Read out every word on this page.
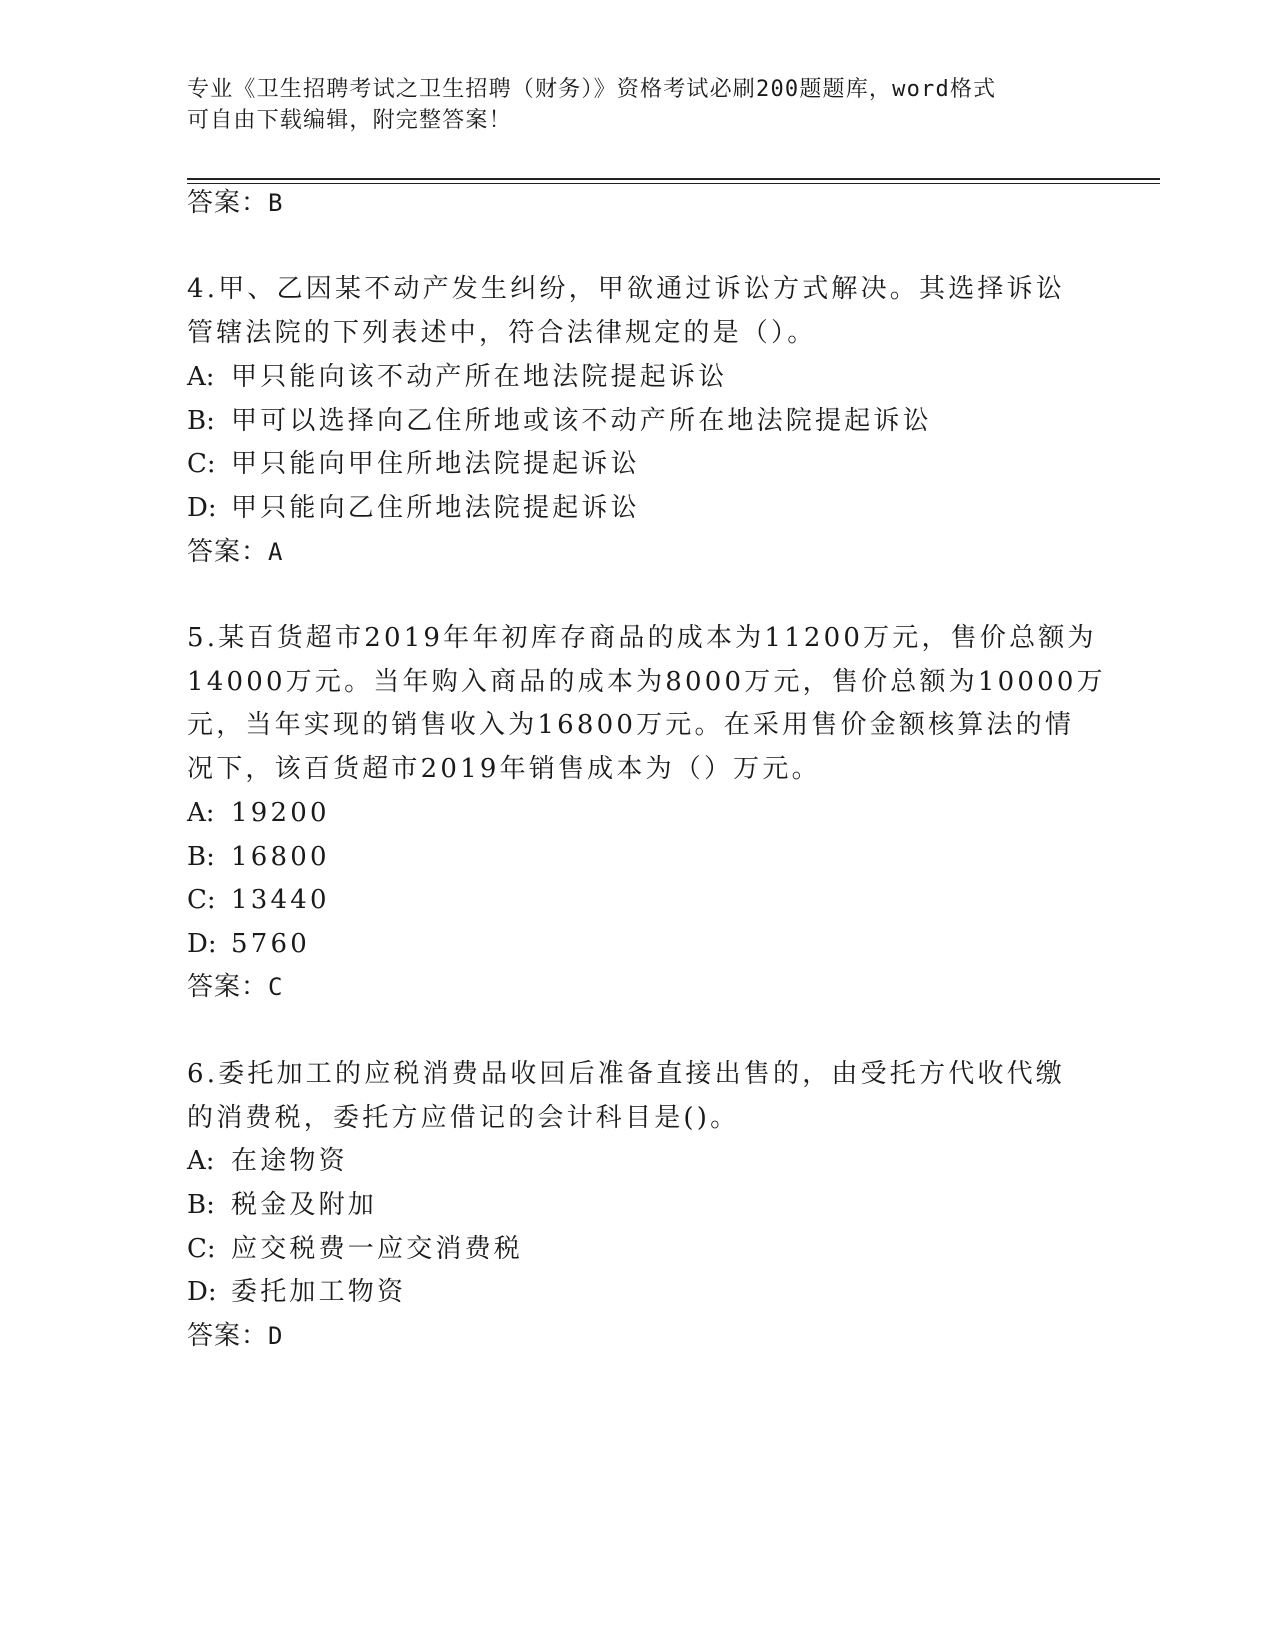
专业《卫生招聘考试之卫生招聘（财务）》资格考试必刷200题题库，word格式
可自由下载编辑，附完整答案！
答案：B
4.甲、乙因某不动产发生纠纷，甲欲通过诉讼方式解决。其选择诉讼
管辖法院的下列表述中，符合法律规定的是（）。
A: 甲只能向该不动产所在地法院提起诉讼
B: 甲可以选择向乙住所地或该不动产所在地法院提起诉讼
C: 甲只能向甲住所地法院提起诉讼
D: 甲只能向乙住所地法院提起诉讼
答案：A
5.某百货超市2019年年初库存商品的成本为11200万元，售价总额为
14000万元。当年购入商品的成本为8000万元，售价总额为10000万
元，当年实现的销售收入为16800万元。在采用售价金额核算法的情
况下，该百货超市2019年销售成本为（）万元。
A: 19200
B: 16800
C: 13440
D: 5760
答案：C
6.委托加工的应税消费品收回后准备直接出售的，由受托方代收代缴
的消费税，委托方应借记的会计科目是()。
A: 在途物资
B: 税金及附加
C: 应交税费一应交消费税
D: 委托加工物资
答案：D
